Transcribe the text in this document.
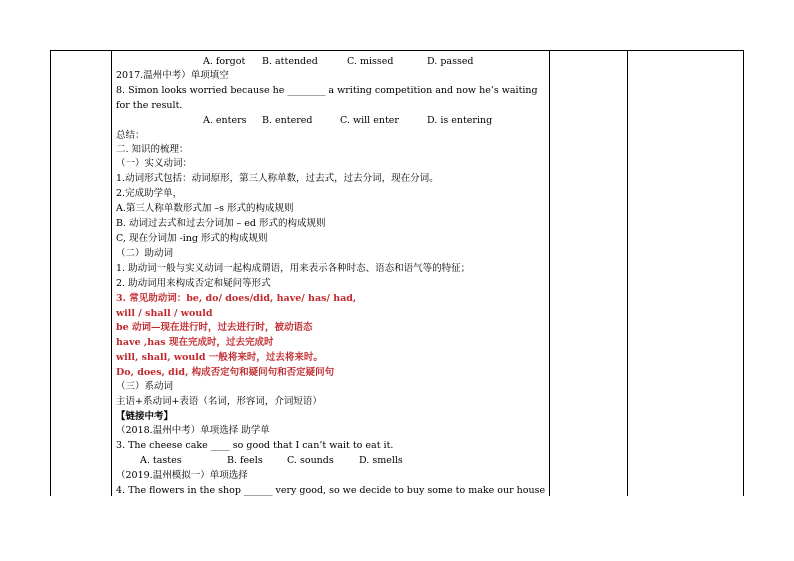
A. forgot B. attended	C. missed	D. passed
2017.温州中考）单项填空
8. Simon looks worried because he ________ a writing competition and now he’s waiting
for the result.
A. enters B. entered	C. will enter	D. is entering
总结：
二. 知识的梳理：
（一）实义动词：
1.动词形式包括：动词原形，第三人称单数，过去式，过去分词，现在分词。
2.完成助学单，
A.第三人称单数形式加 –s 形式的构成规则
B. 动词过去式和过去分词加 – ed 形式的构成规则
C, 现在分词加 -ing 形式的构成规则
（二）助动词
1. 助动词一般与实义动词一起构成谓语，用来表示各种时态、语态和语气等的特征；
2. 助动词用来构成否定和疑问等形式
3. 常见助动词：be, do/ does/did, have/ has/ had,
will / shall / would
be 动词—现在进行时，过去进行时，被动语态
have ,has 现在完成时，过去完成时
will, shall, would 一般将来时，过去将来时。
Do, does, did, 构成否定句和疑问句和否定疑问句
（三）系动词
主语+系动词+表语（名词，形容词，介词短语）
【链接中考】
（2018.温州中考）单项选择 助学单
3. The cheese cake ____ so good that I can’t wait to eat it.
A. tastes	B. feels	C. sounds	D. smells
（2019.温州模拟一）单项选择
4. The flowers in the shop ______ very good, so we decide to buy some to make our house
